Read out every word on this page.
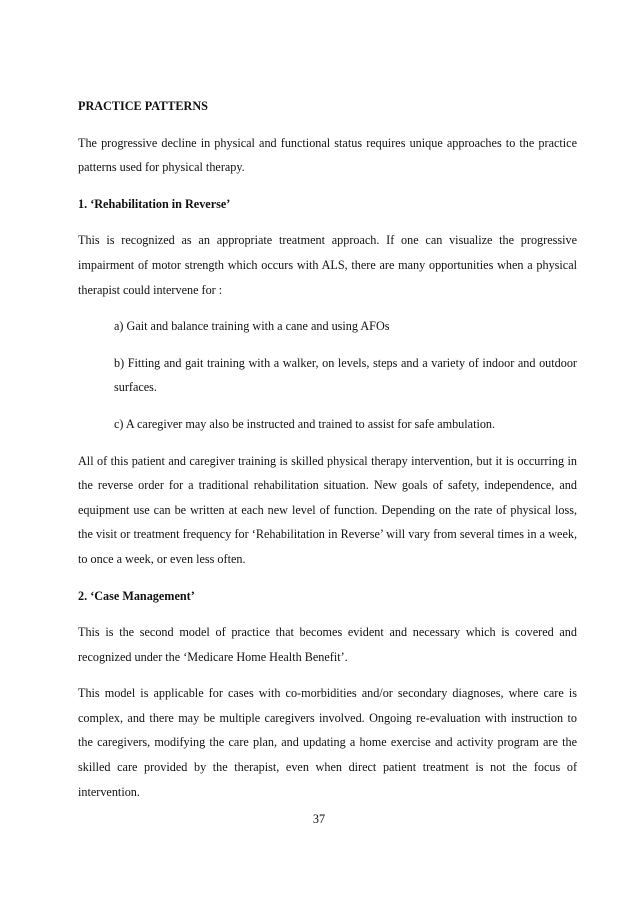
PRACTICE PATTERNS

The progressive decline in physical and functional status requires unique approaches to the practice patterns used for physical therapy.

1. ‘Rehabilitation in Reverse’

This is recognized as an appropriate treatment approach. If one can visualize the progressive impairment of motor strength which occurs with ALS, there are many opportunities when a physical therapist could intervene for :

a) Gait and balance training with a cane and using AFOs

b) Fitting and gait training with a walker, on levels, steps and a variety of indoor and outdoor surfaces.

c) A caregiver may also be instructed and trained to assist for safe ambulation.

All of this patient and caregiver training is skilled physical therapy intervention, but it is occurring in the reverse order for a traditional rehabilitation situation. New goals of safety, independence, and equipment use can be written at each new level of function. Depending on the rate of physical loss, the visit or treatment frequency for ‘Rehabilitation in Reverse’ will vary from several times in a week, to once a week, or even less often.

2. ‘Case Management’

This is the second model of practice that becomes evident and necessary which is covered and recognized under the ‘Medicare Home Health Benefit’.

This model is applicable for cases with co-morbidities and/or secondary diagnoses, where care is complex, and there may be multiple caregivers involved. Ongoing re-evaluation with instruction to the caregivers, modifying the care plan, and updating a home exercise and activity program are the skilled care provided by the therapist, even when direct patient treatment is not the focus of intervention.

37
